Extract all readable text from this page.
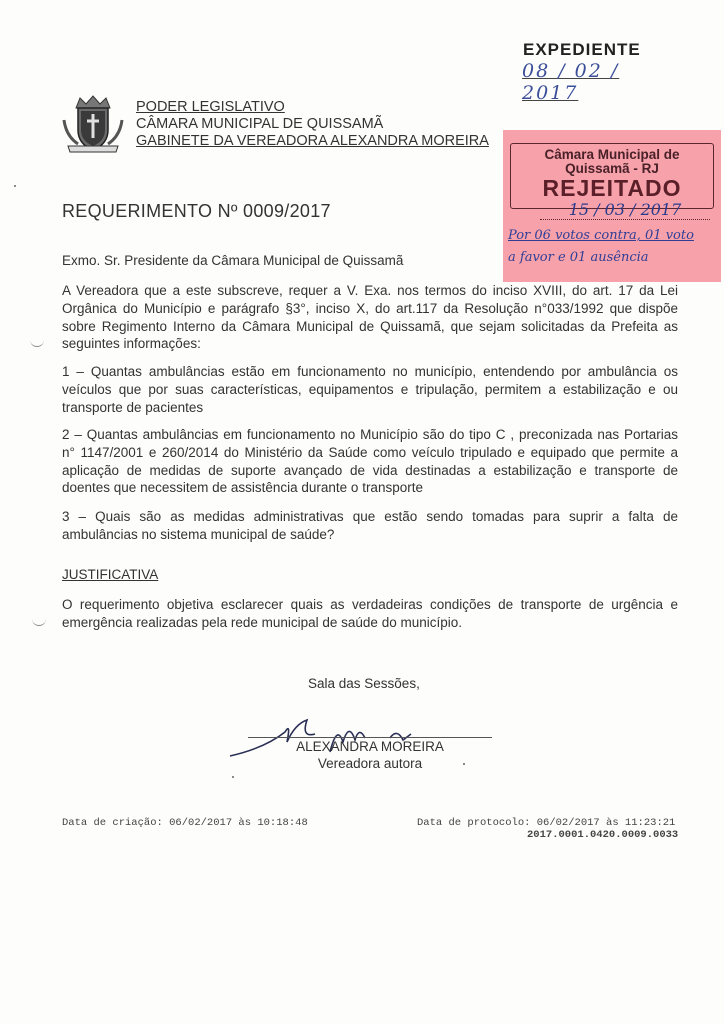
EXPEDIENTE
08 / 02 / 2017
PODER LEGISLATIVO
CÂMARA MUNICIPAL DE QUISSAMÃ
GABINETE DA VEREADORA ALEXANDRA MOREIRA
Câmara Municipal de
Quissamã - RJ
REJEITADO
15 / 03 / 2017
Por 06 votos contra, 01 voto
a favor e 01 ausência
REQUERIMENTO Nº 0009/2017
Exmo. Sr. Presidente da Câmara Municipal de Quissamã

A Vereadora que a este subscreve, requer a V. Exa. nos termos do inciso XVIII, do art. 17 da Lei Orgânica do Município e parágrafo §3°, inciso X, do art.117 da Resolução n°033/1992 que dispõe sobre Regimento Interno da Câmara Municipal de Quissamã, que sejam solicitadas da Prefeita as seguintes informações:

1 – Quantas ambulâncias estão em funcionamento no município, entendendo por ambulância os veículos que por suas características, equipamentos e tripulação, permitem a estabilização e ou transporte de pacientes

2 – Quantas ambulâncias em funcionamento no Município são do tipo C , preconizada nas Portarias n° 1147/2001 e 260/2014 do Ministério da Saúde como veículo tripulado e equipado que permite a aplicação de medidas de suporte avançado de vida destinadas a estabilização e transporte de doentes que necessitem de assistência durante o transporte

3 – Quais são as medidas administrativas que estão sendo tomadas para suprir a falta de ambulâncias no sistema municipal de saúde?

JUSTIFICATIVA

O requerimento objetiva esclarecer quais as verdadeiras condições de transporte de urgência e emergência realizadas pela rede municipal de saúde do município.

Sala das Sessões,
ALEXANDRA MOREIRA
Vereadora autora
Data de criação: 06/02/2017 às 10:18:48	Data de protocolo: 06/02/2017 às 11:23:21
2017.0001.0420.0009.0033
